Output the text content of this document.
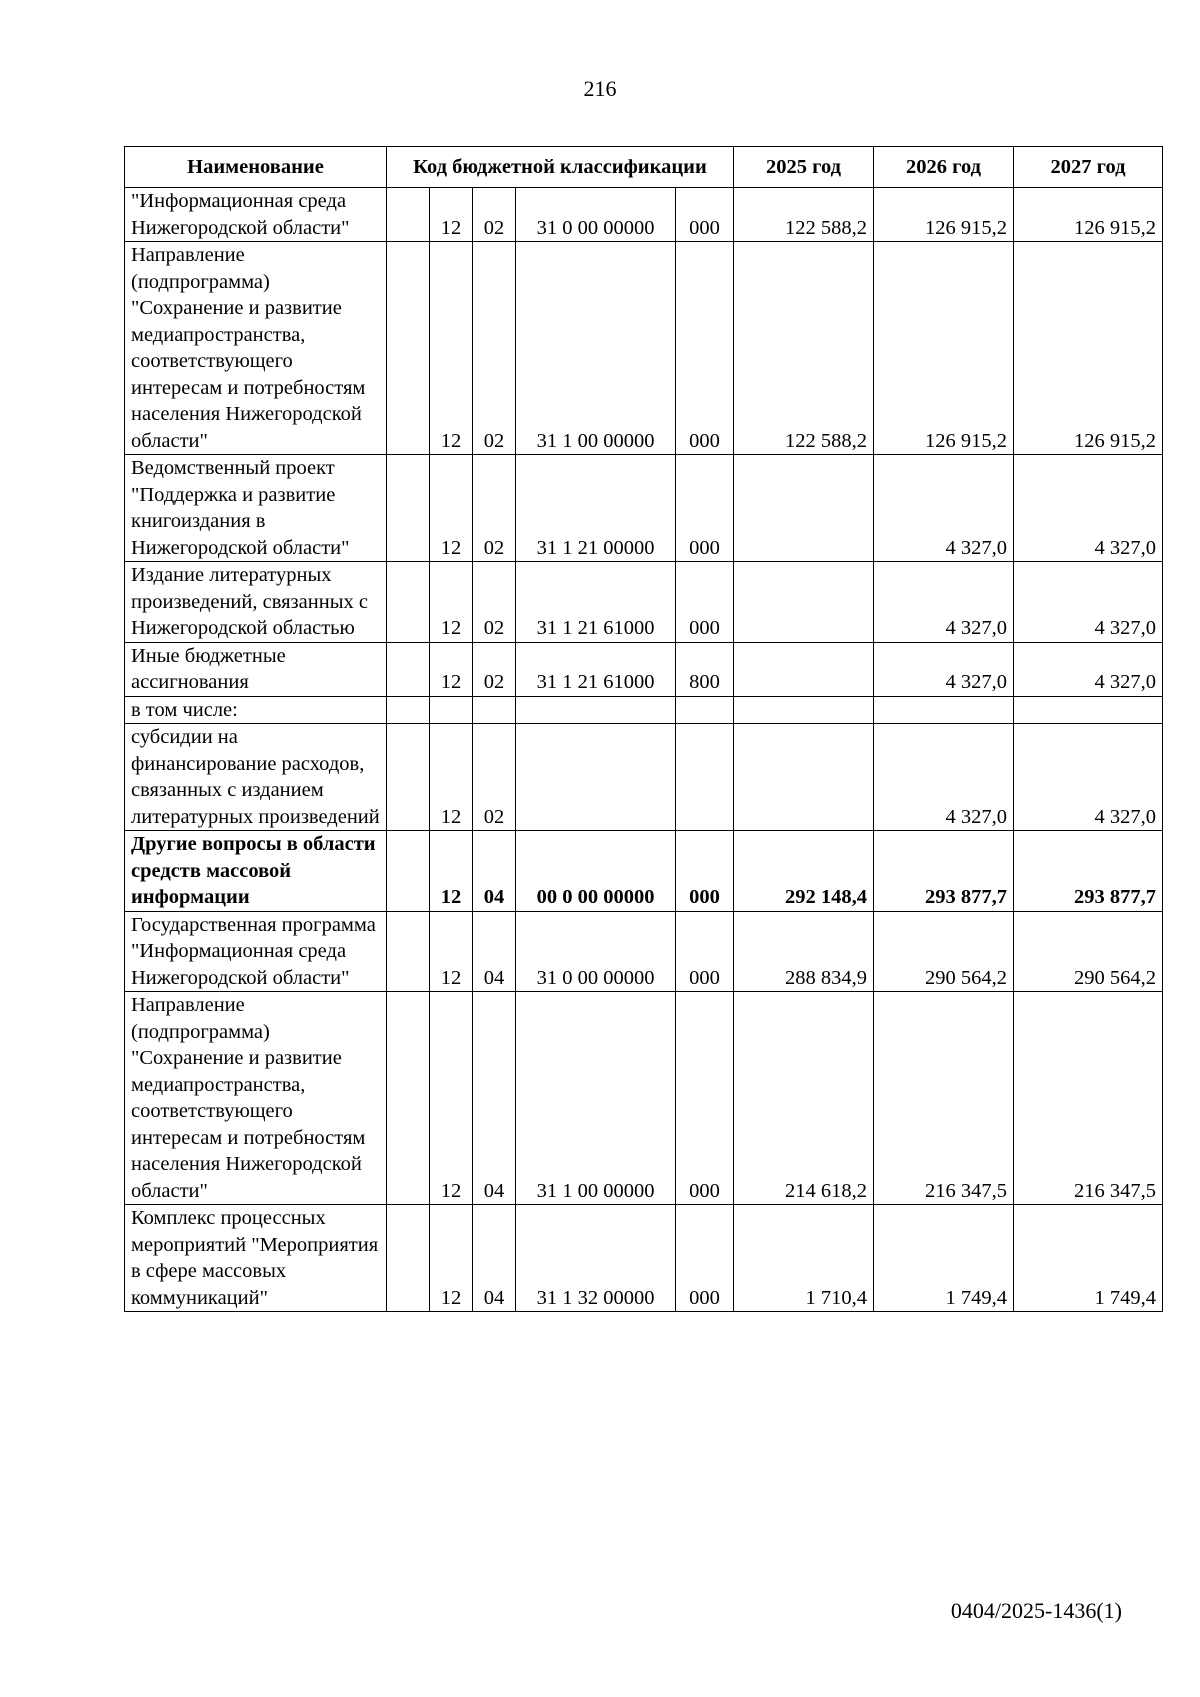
216
Наименование	Код бюджетной классификации					2025 год	2026 год	2027 год
"Информационная среда Нижегородской области"		12	02	31 0 00 00000	000	122 588,2	126 915,2	126 915,2
Направление (подпрограмма) "Сохранение и развитие медиапространства, соответствующего интересам и потребностям населения Нижегородской области"		12	02	31 1 00 00000	000	122 588,2	126 915,2	126 915,2
Ведомственный проект "Поддержка и развитие книгоиздания в Нижегородской области"		12	02	31 1 21 00000	000		4 327,0	4 327,0
Издание литературных произведений, связанных с Нижегородской областью		12	02	31 1 21 61000	000		4 327,0	4 327,0
Иные бюджетные ассигнования		12	02	31 1 21 61000	800		4 327,0	4 327,0
в том числе:								
субсидии на финансирование расходов, связанных с изданием литературных произведений		12	02				4 327,0	4 327,0
Другие вопросы в области средств массовой информации		12	04	00 0 00 00000	000	292 148,4	293 877,7	293 877,7
Государственная программа "Информационная среда Нижегородской области"		12	04	31 0 00 00000	000	288 834,9	290 564,2	290 564,2
Направление (подпрограмма) "Сохранение и развитие медиапространства, соответствующего интересам и потребностям населения Нижегородской области"		12	04	31 1 00 00000	000	214 618,2	216 347,5	216 347,5
Комплекс процессных мероприятий "Мероприятия в сфере массовых коммуникаций"		12	04	31 1 32 00000	000	1 710,4	1 749,4	1 749,4
0404/2025-1436(1)
